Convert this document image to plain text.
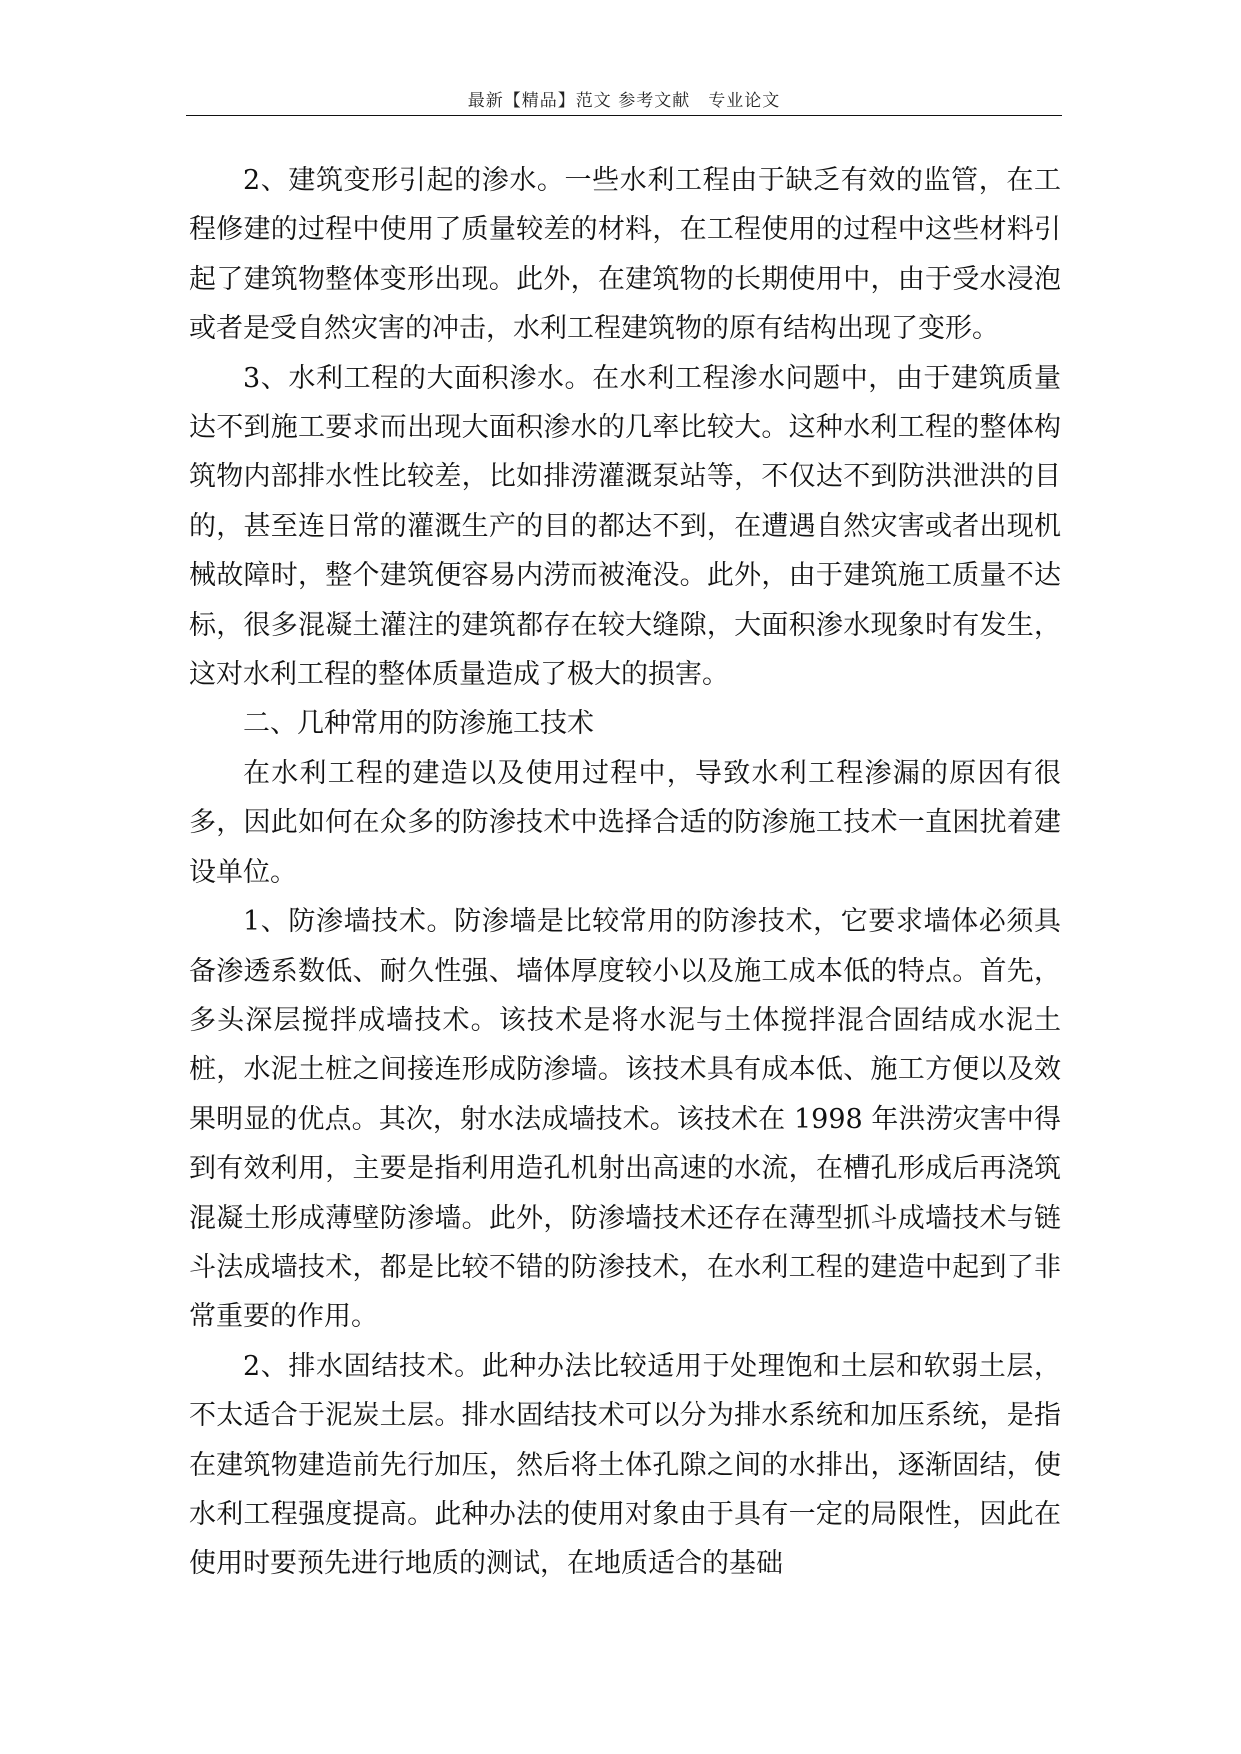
最新【精品】范文 参考文献　专业论文

2、建筑变形引起的渗水。一些水利工程由于缺乏有效的监管，在工程修建的过程中使用了质量较差的材料，在工程使用的过程中这些材料引起了建筑物整体变形出现。此外，在建筑物的长期使用中，由于受水浸泡或者是受自然灾害的冲击，水利工程建筑物的原有结构出现了变形。

3、水利工程的大面积渗水。在水利工程渗水问题中，由于建筑质量达不到施工要求而出现大面积渗水的几率比较大。这种水利工程的整体构筑物内部排水性比较差，比如排涝灌溉泵站等，不仅达不到防洪泄洪的目的，甚至连日常的灌溉生产的目的都达不到，在遭遇自然灾害或者出现机械故障时，整个建筑便容易内涝而被淹没。此外，由于建筑施工质量不达标，很多混凝土灌注的建筑都存在较大缝隙，大面积渗水现象时有发生，这对水利工程的整体质量造成了极大的损害。

二、几种常用的防渗施工技术

在水利工程的建造以及使用过程中，导致水利工程渗漏的原因有很多，因此如何在众多的防渗技术中选择合适的防渗施工技术一直困扰着建设单位。

1、防渗墙技术。防渗墙是比较常用的防渗技术，它要求墙体必须具备渗透系数低、耐久性强、墙体厚度较小以及施工成本低的特点。首先，多头深层搅拌成墙技术。该技术是将水泥与土体搅拌混合固结成水泥土桩，水泥土桩之间接连形成防渗墙。该技术具有成本低、施工方便以及效果明显的优点。其次，射水法成墙技术。该技术在 1998 年洪涝灾害中得到有效利用，主要是指利用造孔机射出高速的水流，在槽孔形成后再浇筑混凝土形成薄壁防渗墙。此外，防渗墙技术还存在薄型抓斗成墙技术与链斗法成墙技术，都是比较不错的防渗技术，在水利工程的建造中起到了非常重要的作用。

2、排水固结技术。此种办法比较适用于处理饱和土层和软弱土层，不太适合于泥炭土层。排水固结技术可以分为排水系统和加压系统，是指在建筑物建造前先行加压，然后将土体孔隙之间的水排出，逐渐固结，使水利工程强度提高。此种办法的使用对象由于具有一定的局限性，因此在使用时要预先进行地质的测试，在地质适合的基础
